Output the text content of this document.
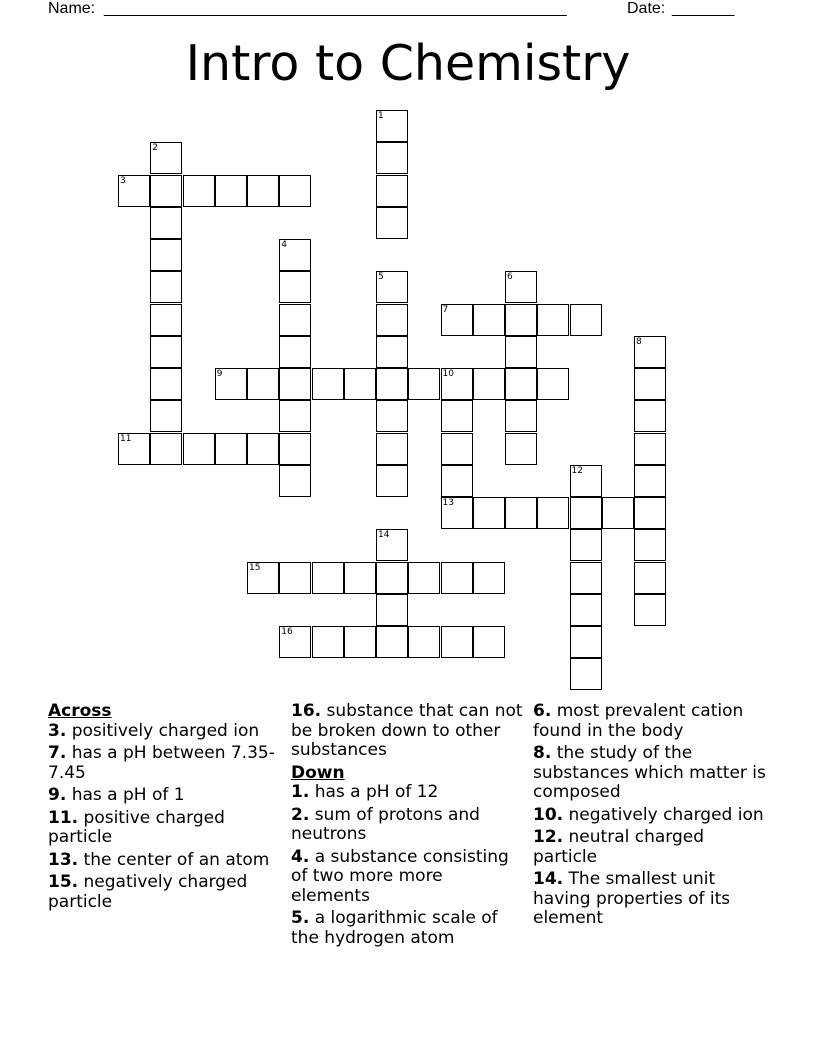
Name: ____________________________________________________	Date: _______
Intro to Chemistry
1
2
3
4
5	6
7
8
9	10
13
11
12
14
15
16
Across
3. positively charged ion
7. has a pH between 7.35-7.45
9. has a pH of 1
11. positive charged particle
13. the center of an atom
15. negatively charged particle
16. substance that can not be broken down to other substances
Down
1. has a pH of 12
2. sum of protons and neutrons
4. a substance consisting of two more more elements
5. a logarithmic scale of the hydrogen atom
6. most prevalent cation found in the body
8. the study of the substances which matter is composed
10. negatively charged ion
12. neutral charged particle
14. The smallest unit having properties of its element
